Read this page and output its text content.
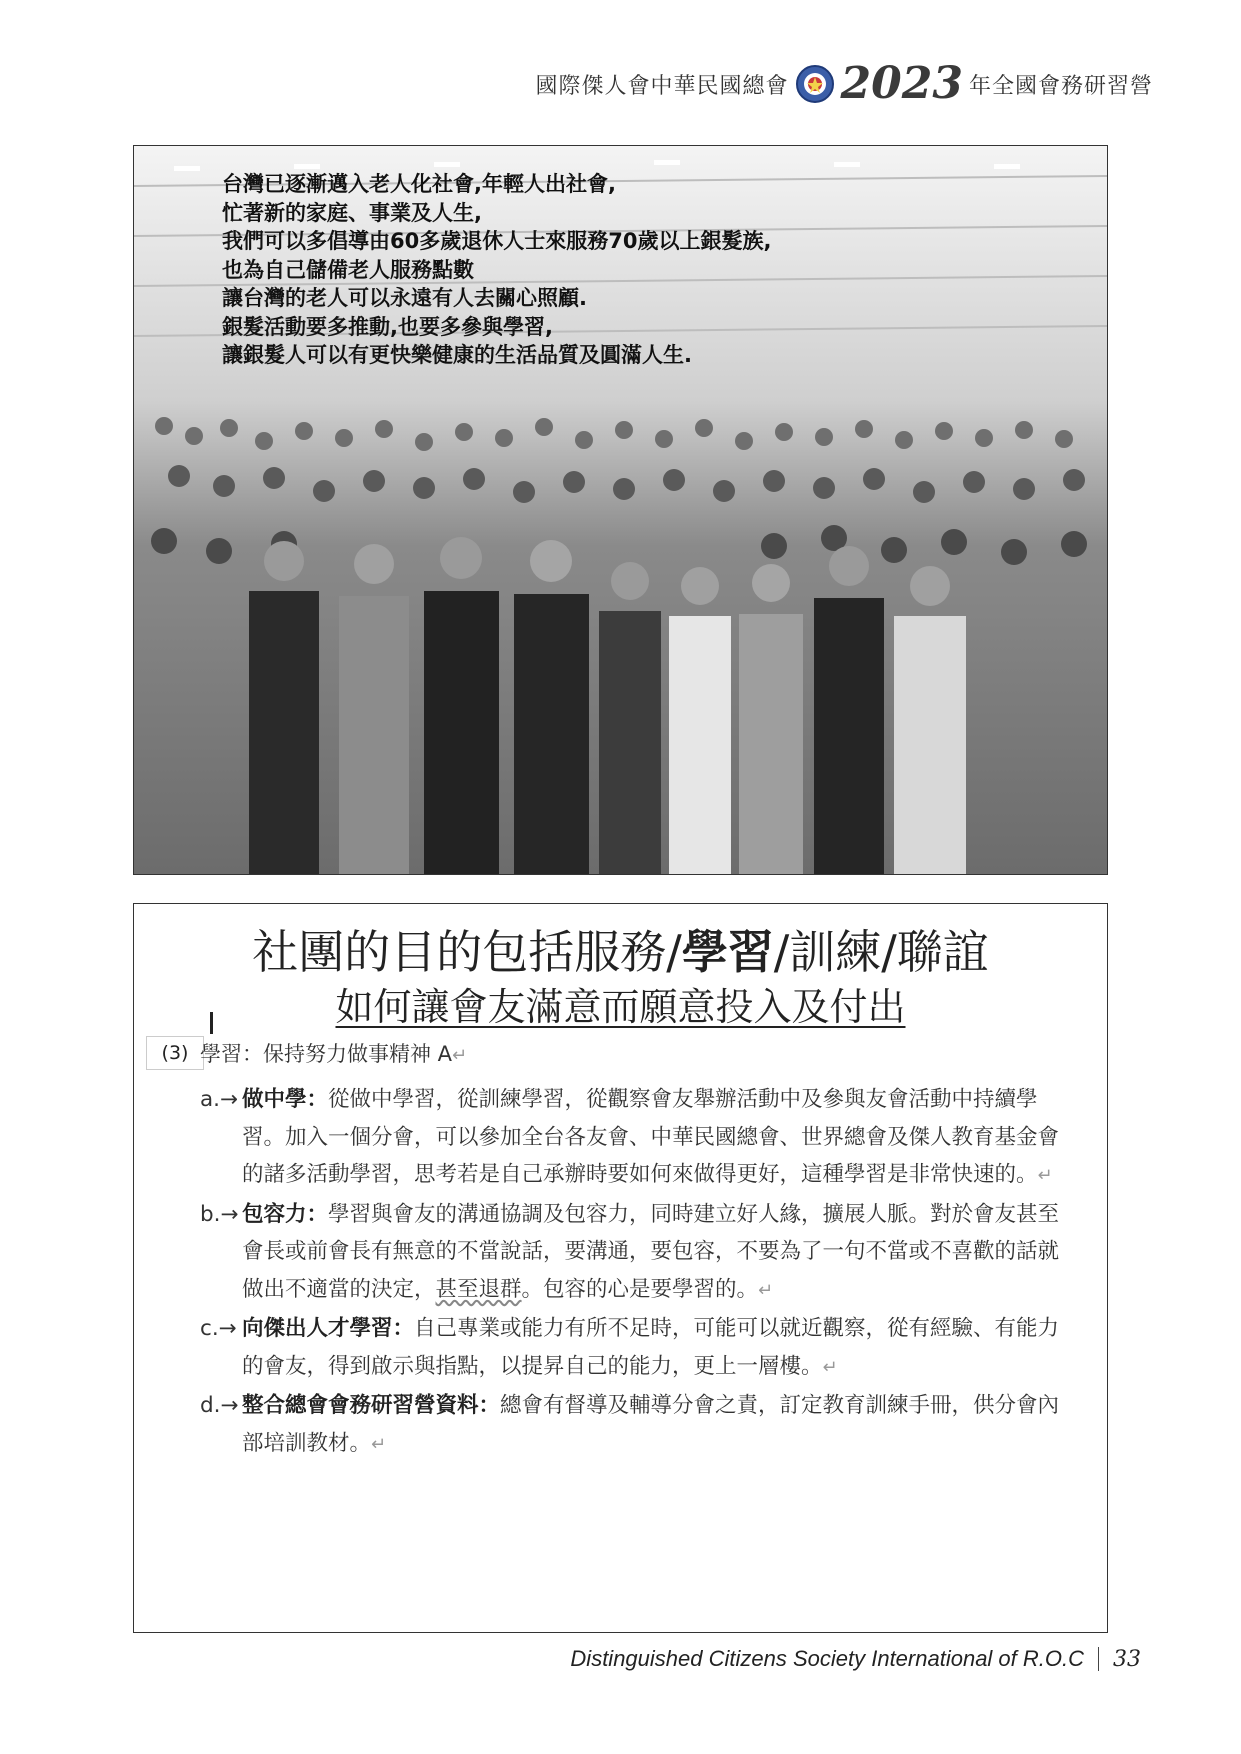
國際傑人會中華民國總會 2023 年全國會務研習營
台灣已逐漸邁入老人化社會,年輕人出社會,
忙著新的家庭、事業及人生,
我們可以多倡導由60多歲退休人士來服務70歲以上銀髮族,
也為自己儲備老人服務點數
讓台灣的老人可以永遠有人去關心照顧.
銀髮活動要多推動,也要多參與學習,
讓銀髮人可以有更快樂健康的生活品質及圓滿人生.
社團的目的包括服務/學習/訓練/聯誼
如何讓會友滿意而願意投入及付出
(3) 學習：保持努力做事精神 A↵
a.→ 做中學：從做中學習，從訓練學習，從觀察會友舉辦活動中及參與友會活動中持續學習。加入一個分會，可以參加全台各友會、中華民國總會、世界總會及傑人教育基金會的諸多活動學習，思考若是自己承辦時要如何來做得更好，這種學習是非常快速的。↵
b.→ 包容力：學習與會友的溝通協調及包容力，同時建立好人緣，擴展人脈。對於會友甚至會長或前會長有無意的不當說話，要溝通，要包容，不要為了一句不當或不喜歡的話就做出不適當的決定，甚至退群。包容的心是要學習的。↵
c.→ 向傑出人才學習：自己專業或能力有所不足時，可能可以就近觀察，從有經驗、有能力的會友，得到啟示與指點，以提昇自己的能力，更上一層樓。↵
d.→ 整合總會會務研習營資料：總會有督導及輔導分會之責，訂定教育訓練手冊，供分會內部培訓教材。↵
Distinguished Citizens Society International of R.O.C 33
